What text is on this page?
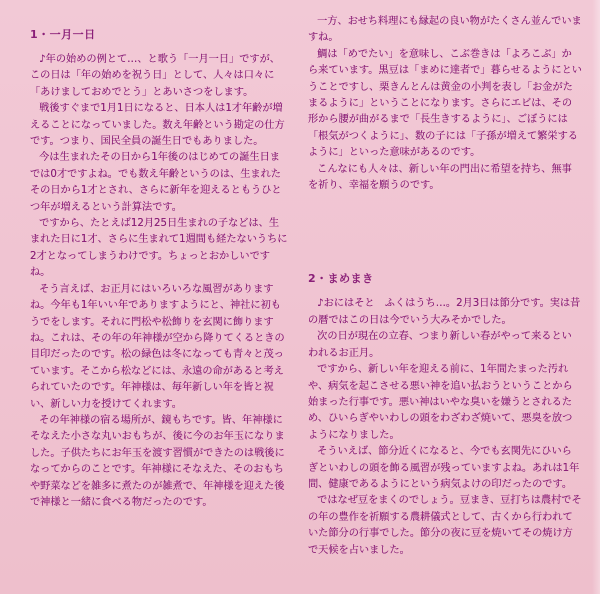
1・一月一日

♪年の始めの例とて…、と歌う「一月一日」ですが、この日は「年の始めを祝う日」として、人々は口々に「あけましておめでとう」とあいさつをします。

戦後すぐまで1月1日になると、日本人は1才年齢が増えることになっていました。数え年齢という勘定の仕方です。つまり、国民全員の誕生日でもありました。

今は生まれたその日から1年後のはじめての誕生日までは0才ですよね。でも数え年齢というのは、生まれたその日から1才とされ、さらに新年を迎えるともうひとつ年が増えるという計算法です。

ですから、たとえば12月25日生まれの子などは、生まれた日に1才、さらに生まれて1週間も経たないうちに2才となってしまうわけです。ちょっとおかしいですね。

そう言えば、お正月にはいろいろな風習がありますね。今年も1年いい年でありますようにと、神社に初もうでをします。それに門松や松飾りを玄関に飾りますね。これは、その年の年神様が空から降りてくるときの目印だったのです。松の緑色は冬になっても青々と茂っています。そこから松などには、永遠の命があると考えられていたのです。年神様は、毎年新しい年を皆と祝い、新しい力を授けてくれます。

その年神様の宿る場所が、鏡もちです。皆、年神様にそなえた小さな丸いおもちが、後に今のお年玉になりました。子供たちにお年玉を渡す習慣ができたのは戦後になってからのことです。年神様にそなえた、そのおもちや野菜などを雑多に煮たのが雑煮で、年神様を迎えた後で神様と一緒に食べる物だったのです。

一方、おせち料理にも縁起の良い物がたくさん並んでいますね。

鯛は「めでたい」を意味し、こぶ巻きは「よろこぶ」から来ています。黒豆は「まめに達者で」暮らせるようにということですし、栗きんとんは黄金の小判を表し「お金がたまるように」ということになります。さらにエビは、その形から腰が曲がるまで「長生きするように」、ごぼうには「根気がつくように」、数の子には「子孫が増えて繁栄するように」といった意味があるのです。

こんなにも人々は、新しい年の門出に希望を持ち、無事を祈り、幸福を願うのです。

2・まめまき

♪おにはそと　ふくはうち…。2月3日は節分です。実は昔の暦ではこの日は今でいう大みそかでした。

次の日が現在の立春、つまり新しい春がやって来るといわれるお正月。

ですから、新しい年を迎える前に、1年間たまった汚れや、病気を起こさせる悪い神を追い払おうということから始まった行事です。悪い神はいやな臭いを嫌うとされるため、ひいらぎやいわしの頭をわざわざ焼いて、悪臭を放つようになりました。

そういえば、節分近くになると、今でも玄関先にひいらぎといわしの頭を飾る風習が残っていますよね。あれは1年間、健康であるようにという病気よけの印だったのです。

ではなぜ豆をまくのでしょう。豆まき、豆打ちは農村でその年の豊作を祈願する農耕儀式として、古くから行われていた節分の行事でした。節分の夜に豆を焼いてその焼け方で天候を占いました。
